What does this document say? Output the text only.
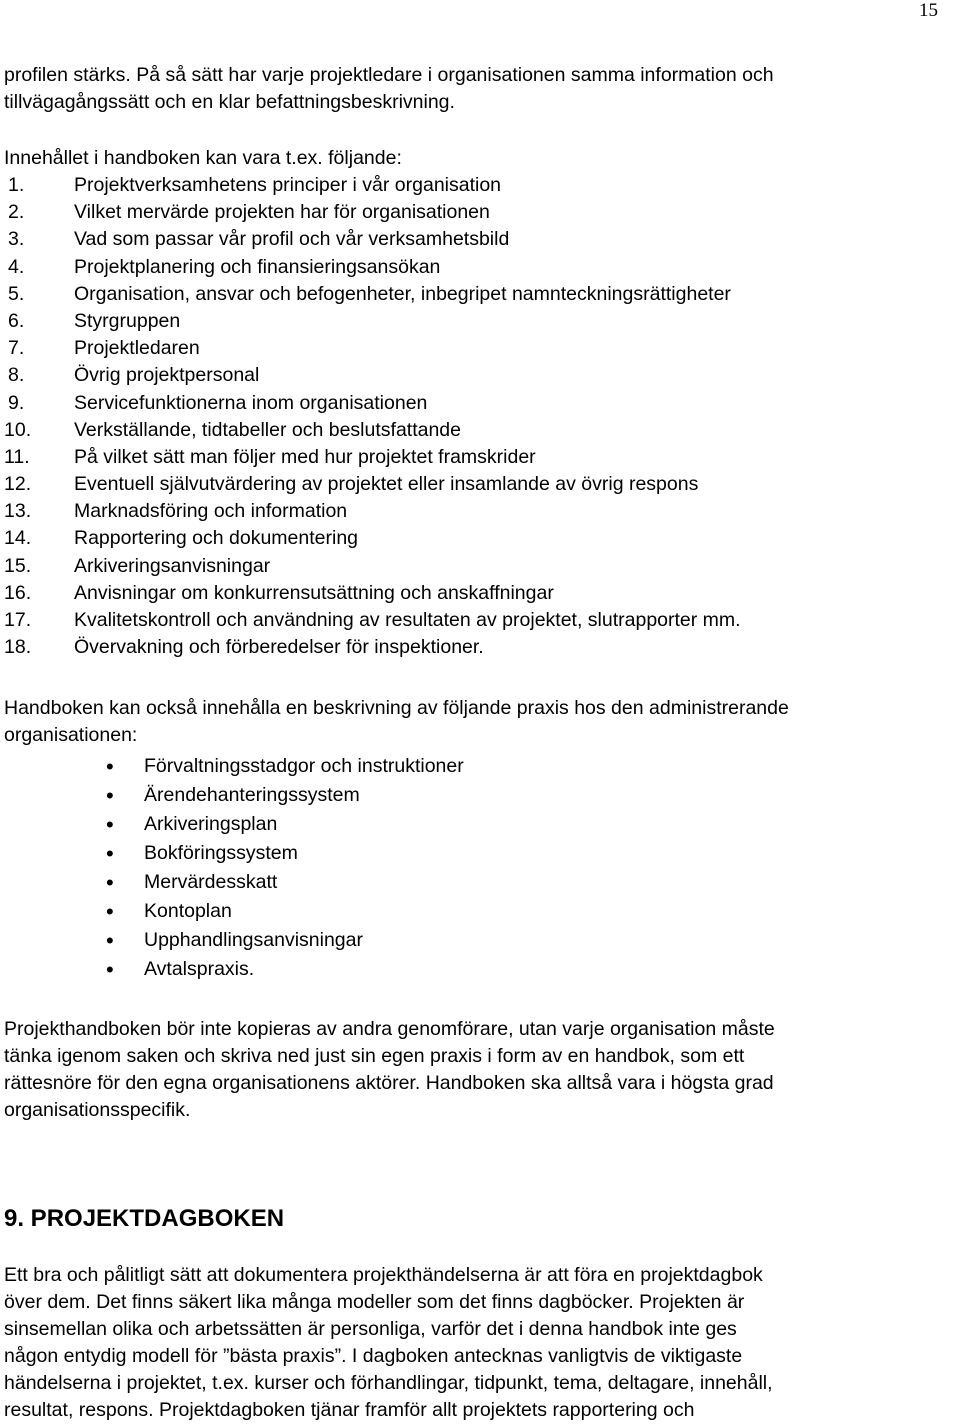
15

profilen stärks. På så sätt har varje projektledare i organisationen samma information och
tillvägagångssätt och en klar befattningsbeskrivning.

Innehållet i handboken kan vara t.ex. följande:

1.	Projektverksamhetens principer i vår organisation
2.	Vilket mervärde projekten har för organisationen
3.	Vad som passar vår profil och vår verksamhetsbild
4.	Projektplanering och finansieringsansökan
5.	Organisation, ansvar och befogenheter, inbegripet namnteckningsrättigheter
6.	Styrgruppen
7.	Projektledaren
8.	Övrig projektpersonal
9.	Servicefunktionerna inom organisationen
10.	Verkställande, tidtabeller och beslutsfattande
11.	På vilket sätt man följer med hur projektet framskrider
12.	Eventuell självutvärdering av projektet eller insamlande av övrig respons
13.	Marknadsföring och information
14.	Rapportering och dokumentering
15.	Arkiveringsanvisningar
16.	Anvisningar om konkurrensutsättning och anskaffningar
17.	Kvalitetskontroll och användning av resultaten av projektet, slutrapporter mm.
18.	Övervakning och förberedelser för inspektioner.

Handboken kan också innehålla en beskrivning av följande praxis hos den administrerande
organisationen:

•	Förvaltningsstadgor och instruktioner
•	Ärendehanteringssystem
•	Arkiveringsplan
•	Bokföringssystem
•	Mervärdesskatt
•	Kontoplan
•	Upphandlingsanvisningar
•	Avtalspraxis.

Projekthandboken bör inte kopieras av andra genomförare, utan varje organisation måste
tänka igenom saken och skriva ned just sin egen praxis i form av en handbok, som ett
rättesnöre för den egna organisationens aktörer. Handboken ska alltså vara i högsta grad
organisationsspecifik.

9. PROJEKTDAGBOKEN

Ett bra och pålitligt sätt att dokumentera projekthändelserna är att föra en projektdagbok
över dem. Det finns säkert lika många modeller som det finns dagböcker. Projekten är
sinsemellan olika och arbetssätten är personliga, varför det i denna handbok inte ges
någon entydig modell för ”bästa praxis”. I dagboken antecknas vanligtvis de viktigaste
händelserna i projektet, t.ex. kurser och förhandlingar, tidpunkt, tema, deltagare, innehåll,
resultat, respons. Projektdagboken tjänar framför allt projektets rapportering och
